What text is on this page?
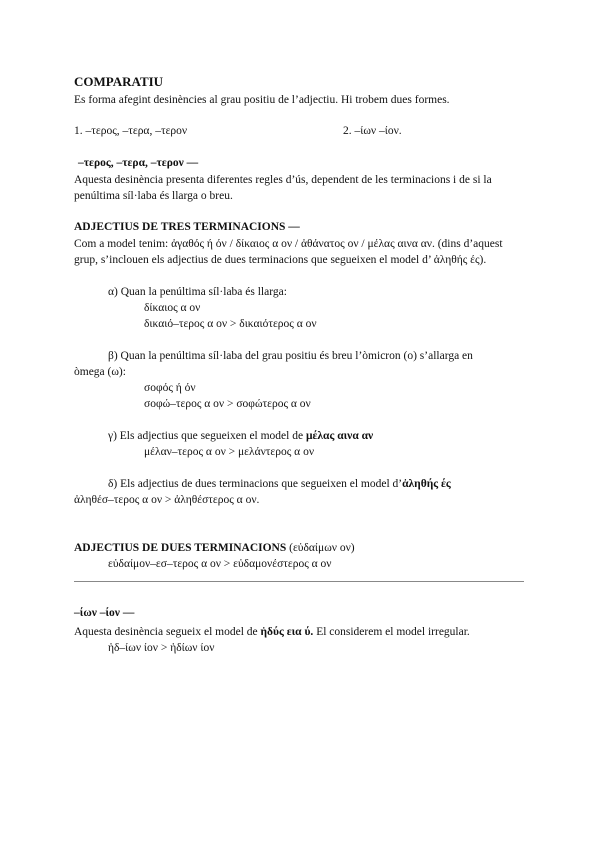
COMPARATIU
Es forma afegint desinències al grau positiu de l’adjectiu. Hi trobem dues formes.
1. ‒τερος, ‒τερα, ‒τερον	2. ‒ίων ‒ίον.
‒τερος, ‒τερα, ‒τερον ―
Aquesta desinència presenta diferentes regles d’ús, dependent de les terminacions i de si la
penúltima síl·laba és llarga o breu.
ADJECTIUS DE TRES TERMINACIONS ―
Com a model tenim: ἀγαθός ή όν / δίκαιος α ον / ἀθάνατος ον / μέλας αινα αν. (dins d’aquest
grup, s’inclouen els adjectius de dues terminacions que segueixen el model d’ ἀληθής ές).
α) Quan la penúltima síl·laba és llarga:
δίκαιος α ον
δικαιό‒τερος α ον > δικαιότερος α ον
β) Quan la penúltima síl·laba del grau positiu és breu l’òmicron (ο) s’allarga en
òmega (ω):
σοφός ή όν
σοφώ‒τερος α ον > σοφώτερος α ον
γ) Els adjectius que segueixen el model de μέλας αινα αν
μέλαν‒τερος α ον > μελάντερος α ον
δ) Els adjectius de dues terminacions que segueixen el model d’ἀληθής ές
ἀληθέσ‒τερος α ον > ἀληθέστερος α ον.
ADJECTIUS DE DUES TERMINACIONS (εὐδαίμων ον)
εὐδαίμον‒εσ‒τερος α ον > εὐδαμονέστερος α ον
‒ίων ‒ίον ―
Aquesta desinència segueix el model de ἡδύς εια ύ. El considerem el model irregular.
ἡδ‒ίων ίον > ἡδίων ίον
